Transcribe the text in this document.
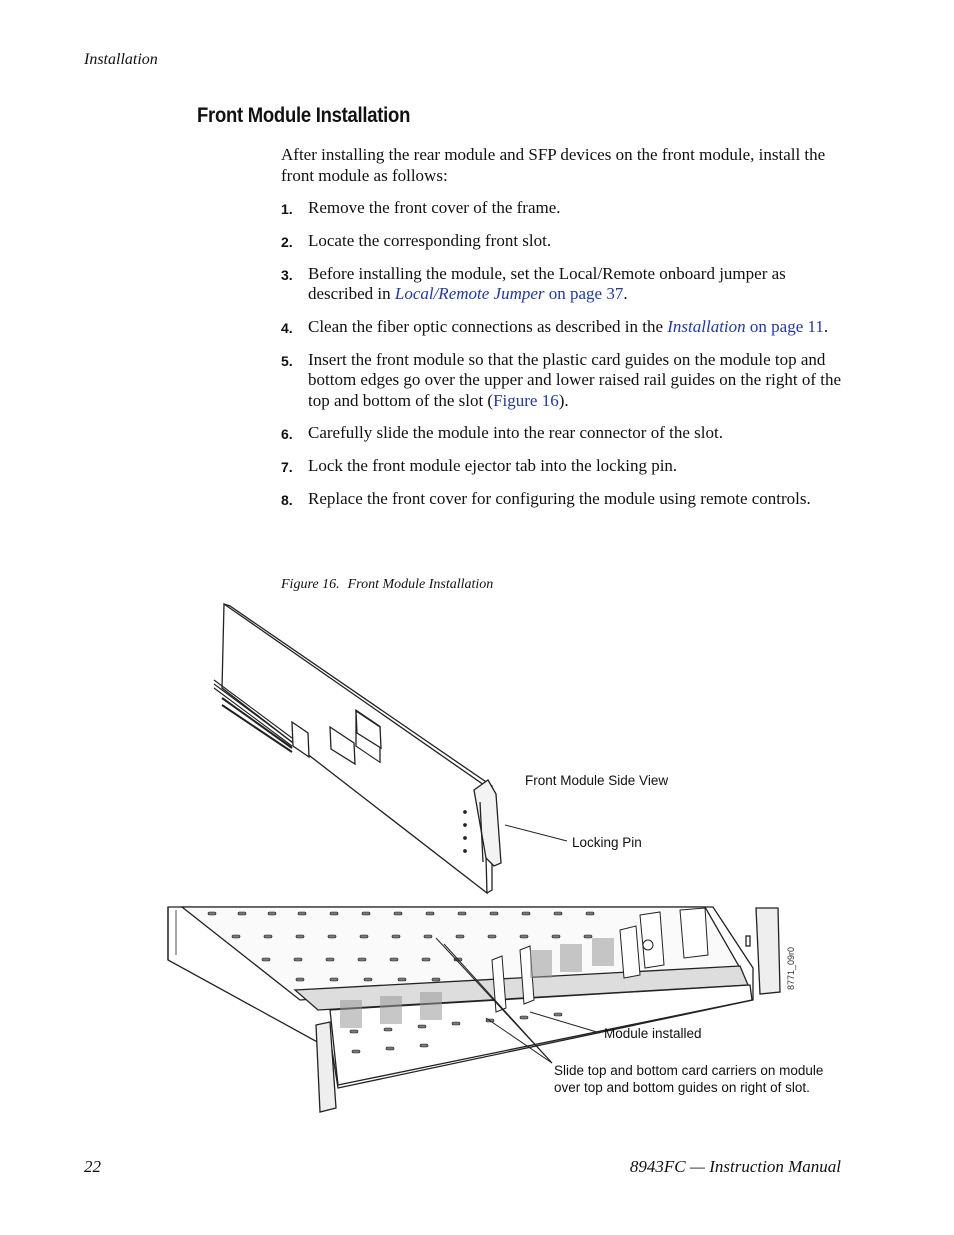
Installation
Front Module Installation

After installing the rear module and SFP devices on the front module, install the front module as follows:

1. Remove the front cover of the frame.
2. Locate the corresponding front slot.
3. Before installing the module, set the Local/Remote onboard jumper as described in Local/Remote Jumper on page 37.
4. Clean the fiber optic connections as described in the Installation on page 11.
5. Insert the front module so that the plastic card guides on the module top and bottom edges go over the upper and lower raised rail guides on the right of the top and bottom of the slot (Figure 16).
6. Carefully slide the module into the rear connector of the slot.
7. Lock the front module ejector tab into the locking pin.
8. Replace the front cover for configuring the module using remote controls.
Figure 16. Front Module Installation
8771_09r0
Front Module Side View
Locking Pin
Module installed
Slide top and bottom card carriers on module
over top and bottom guides on right of slot.
22	8943FC — Instruction Manual
